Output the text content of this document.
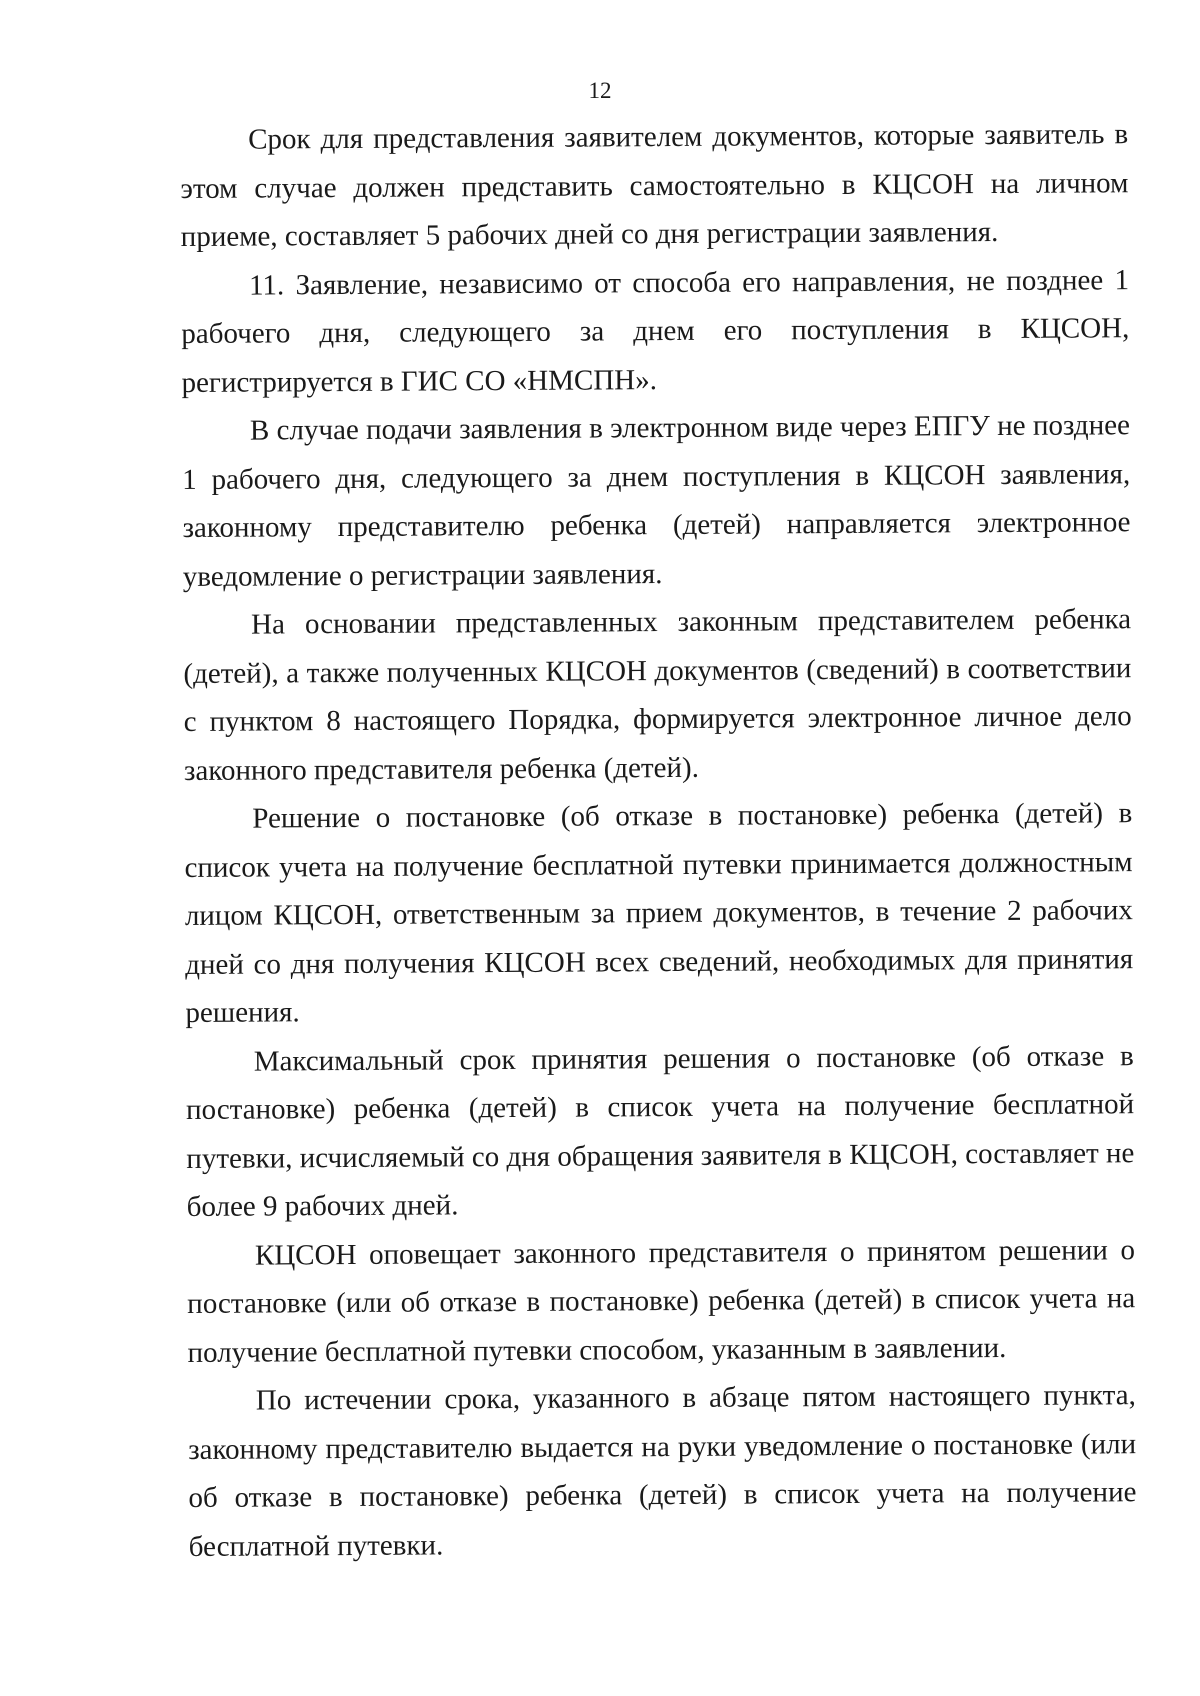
12

Срок для представления заявителем документов, которые заявитель в этом случае должен представить самостоятельно в КЦСОН на личном приеме, составляет 5 рабочих дней со дня регистрации заявления.

11. Заявление, независимо от способа его направления, не позднее 1 рабочего дня, следующего за днем его поступления в КЦСОН, регистрируется в ГИС СО «НМСПН».

В случае подачи заявления в электронном виде через ЕПГУ не позднее 1 рабочего дня, следующего за днем поступления в КЦСОН заявления, законному представителю ребенка (детей) направляется электронное уведомление о регистрации заявления.

На основании представленных законным представителем ребенка (детей), а также полученных КЦСОН документов (сведений) в соответствии с пунктом 8 настоящего Порядка, формируется электронное личное дело законного представителя ребенка (детей).

Решение о постановке (об отказе в постановке) ребенка (детей) в список учета на получение бесплатной путевки принимается должностным лицом КЦСОН, ответственным за прием документов, в течение 2 рабочих дней со дня получения КЦСОН всех сведений, необходимых для принятия решения.

Максимальный срок принятия решения о постановке (об отказе в постановке) ребенка (детей) в список учета на получение бесплатной путевки, исчисляемый со дня обращения заявителя в КЦСОН, составляет не более 9 рабочих дней.

КЦСОН оповещает законного представителя о принятом решении о постановке (или об отказе в постановке) ребенка (детей) в список учета на получение бесплатной путевки способом, указанным в заявлении.

По истечении срока, указанного в абзаце пятом настоящего пункта, законному представителю выдается на руки уведомление о постановке (или об отказе в постановке) ребенка (детей) в список учета на получение бесплатной путевки.
